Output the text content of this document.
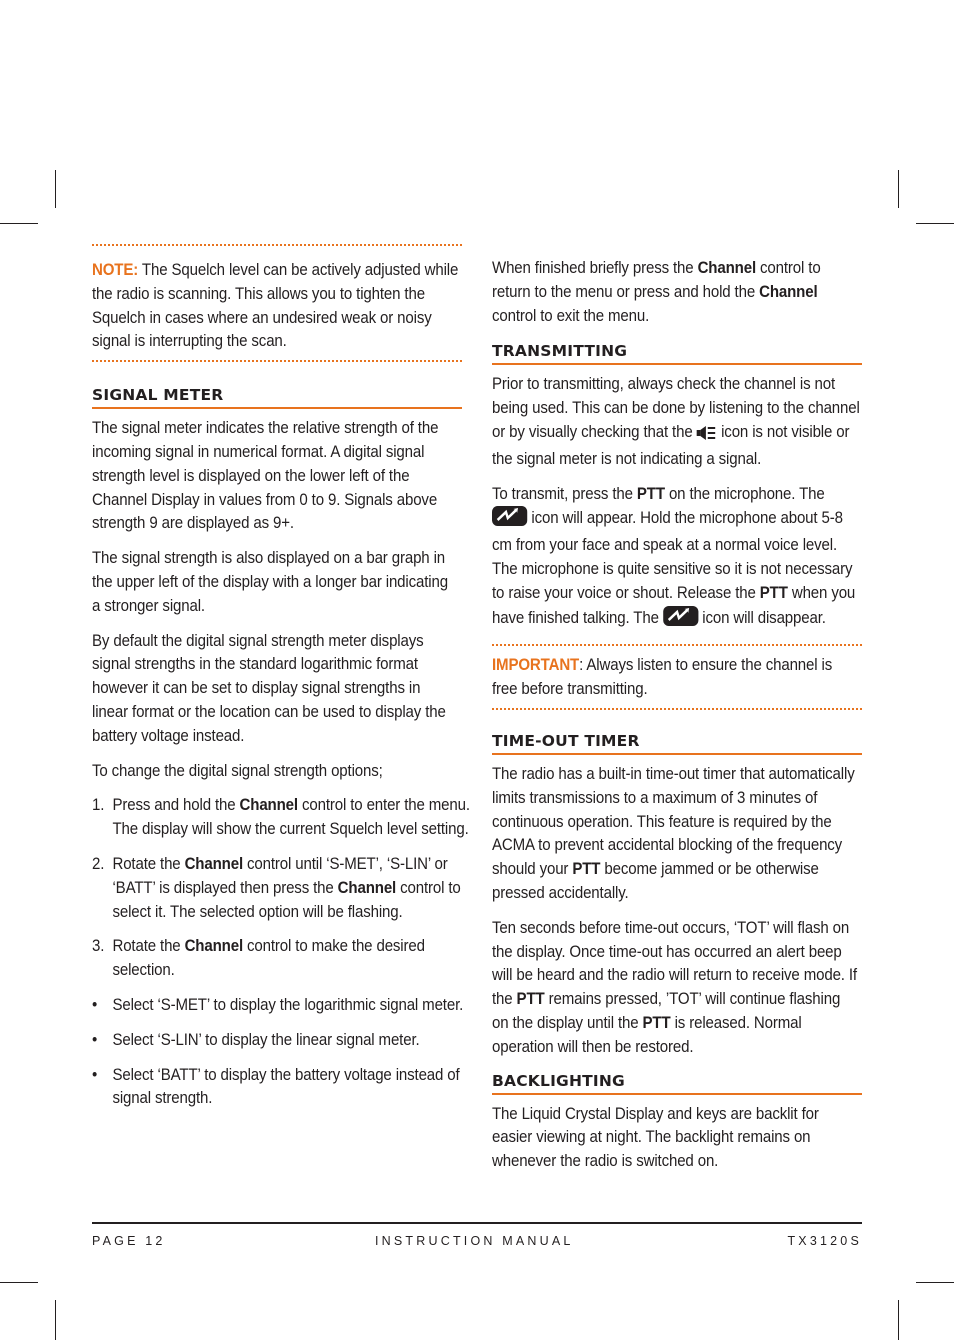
NOTE: The Squelch level can be actively adjusted while the radio is scanning. This allows you to tighten the Squelch in cases where an undesired weak or noisy signal is interrupting the scan.

SIGNAL METER

The signal meter indicates the relative strength of the incoming signal in numerical format. A digital signal strength level is displayed on the lower left of the Channel Display in values from 0 to 9. Signals above strength 9 are displayed as 9+.

The signal strength is also displayed on a bar graph in the upper left of the display with a longer bar indicating a stronger signal.

By default the digital signal strength meter displays signal strengths in the standard logarithmic format however it can be set to display signal strengths in linear format or the location can be used to display the battery voltage instead.

To change the digital signal strength options;

1. Press and hold the Channel control to enter the menu. The display will show the current Squelch level setting.

2. Rotate the Channel control until ‘S-MET’, ‘S-LIN’ or ‘BATT’ is displayed then press the Channel control to select it. The selected option will be flashing.

3. Rotate the Channel control to make the desired selection.

• Select ‘S-MET’ to display the logarithmic signal meter.

• Select ‘S-LIN’ to display the linear signal meter.

• Select ‘BATT’ to display the battery voltage instead of signal strength.

When finished briefly press the Channel control to return to the menu or press and hold the Channel control to exit the menu.

TRANSMITTING

Prior to transmitting, always check the channel is not being used. This can be done by listening to the channel or by visually checking that the  icon is not visible or the signal meter is not indicating a signal.

To transmit, press the PTT on the microphone. The  icon will appear. Hold the microphone about 5-8 cm from your face and speak at a normal voice level. The microphone is quite sensitive so it is not necessary to raise your voice or shout. Release the PTT when you have finished talking. The  icon will disappear.

IMPORTANT: Always listen to ensure the channel is free before transmitting.

TIME-OUT TIMER

The radio has a built-in time-out timer that automatically limits transmissions to a maximum of 3 minutes of continuous operation. This feature is required by the ACMA to prevent accidental blocking of the frequency should your PTT become jammed or be otherwise pressed accidentally.

Ten seconds before time-out occurs, ‘TOT’ will flash on the display. Once time-out has occurred an alert beep will be heard and the radio will return to receive mode. If the PTT remains pressed, ’TOT’ will continue flashing on the display until the PTT is released. Normal operation will then be restored.

BACKLIGHTING

The Liquid Crystal Display and keys are backlit for easier viewing at night. The backlight remains on whenever the radio is switched on.

PAGE 12	INSTRUCTION MANUAL	TX3120S
